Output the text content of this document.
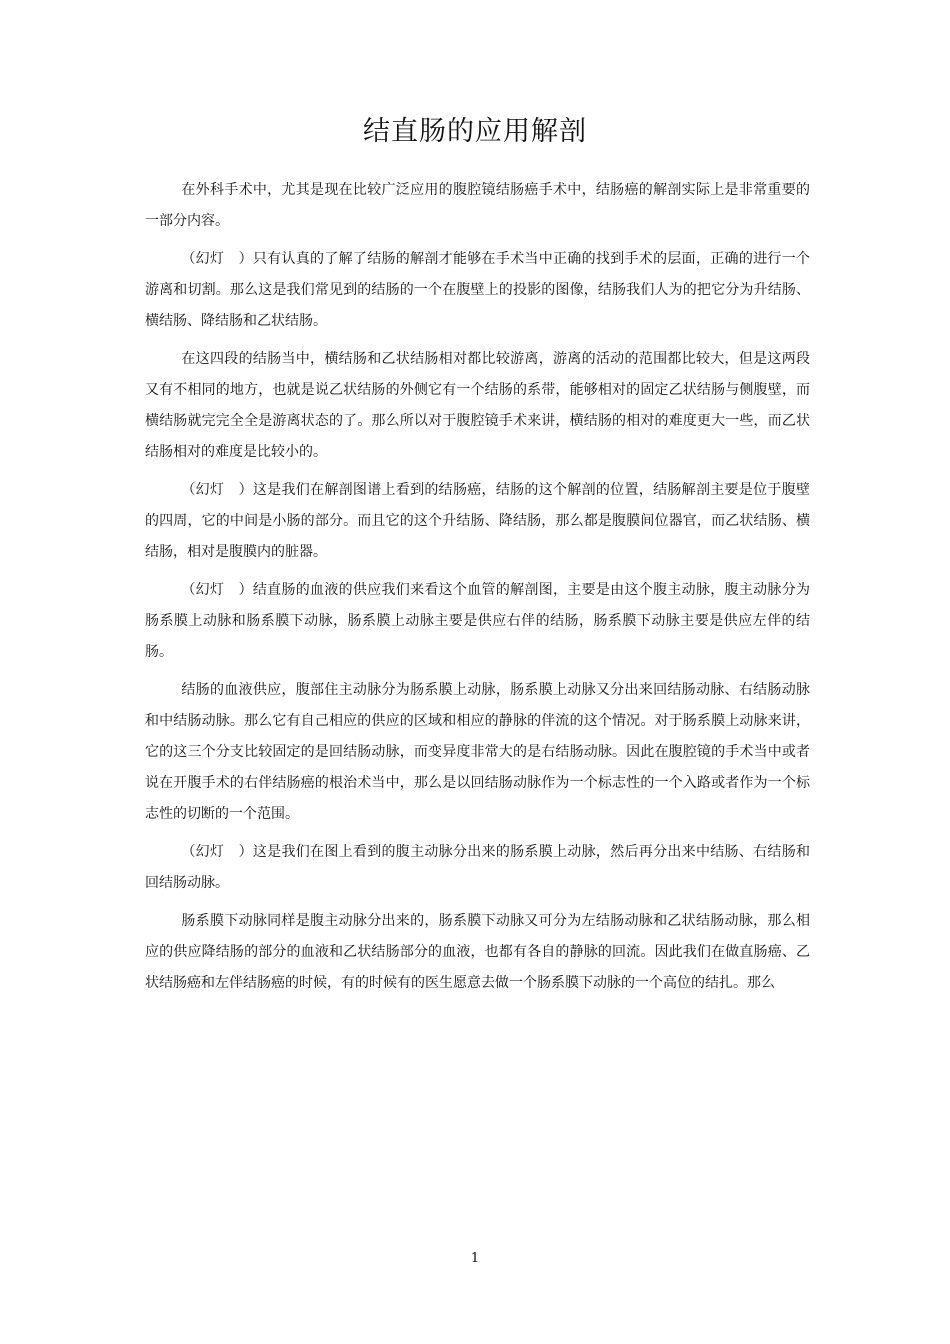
结直肠的应用解剖

在外科手术中，尤其是现在比较广泛应用的腹腔镜结肠癌手术中，结肠癌的解剖实际上是非常重要的一部分内容。

（幻灯　）只有认真的了解了结肠的解剖才能够在手术当中正确的找到手术的层面，正确的进行一个游离和切割。那么这是我们常见到的结肠的一个在腹壁上的投影的图像，结肠我们人为的把它分为升结肠、横结肠、降结肠和乙状结肠。

在这四段的结肠当中，横结肠和乙状结肠相对都比较游离，游离的活动的范围都比较大，但是这两段又有不相同的地方，也就是说乙状结肠的外侧它有一个结肠的系带，能够相对的固定乙状结肠与侧腹壁，而横结肠就完完全全是游离状态的了。那么所以对于腹腔镜手术来讲，横结肠的相对的难度更大一些，而乙状结肠相对的难度是比较小的。

（幻灯　）这是我们在解剖图谱上看到的结肠癌，结肠的这个解剖的位置，结肠解剖主要是位于腹壁的四周，它的中间是小肠的部分。而且它的这个升结肠、降结肠，那么都是腹膜间位器官，而乙状结肠、横结肠，相对是腹膜内的脏器。

（幻灯　）结直肠的血液的供应我们来看这个血管的解剖图，主要是由这个腹主动脉，腹主动脉分为肠系膜上动脉和肠系膜下动脉，肠系膜上动脉主要是供应右伴的结肠，肠系膜下动脉主要是供应左伴的结肠。

结肠的血液供应，腹部住主动脉分为肠系膜上动脉，肠系膜上动脉又分出来回结肠动脉、右结肠动脉和中结肠动脉。那么它有自己相应的供应的区域和相应的静脉的伴流的这个情况。对于肠系膜上动脉来讲，它的这三个分支比较固定的是回结肠动脉，而变异度非常大的是右结肠动脉。因此在腹腔镜的手术当中或者说在开腹手术的右伴结肠癌的根治术当中，那么是以回结肠动脉作为一个标志性的一个入路或者作为一个标志性的切断的一个范围。

（幻灯　）这是我们在图上看到的腹主动脉分出来的肠系膜上动脉，然后再分出来中结肠、右结肠和回结肠动脉。

肠系膜下动脉同样是腹主动脉分出来的，肠系膜下动脉又可分为左结肠动脉和乙状结肠动脉，那么相应的供应降结肠的部分的血液和乙状结肠部分的血液，也都有各自的静脉的回流。因此我们在做直肠癌、乙状结肠癌和左伴结肠癌的时候，有的时候有的医生愿意去做一个肠系膜下动脉的一个高位的结扎。那么

1
